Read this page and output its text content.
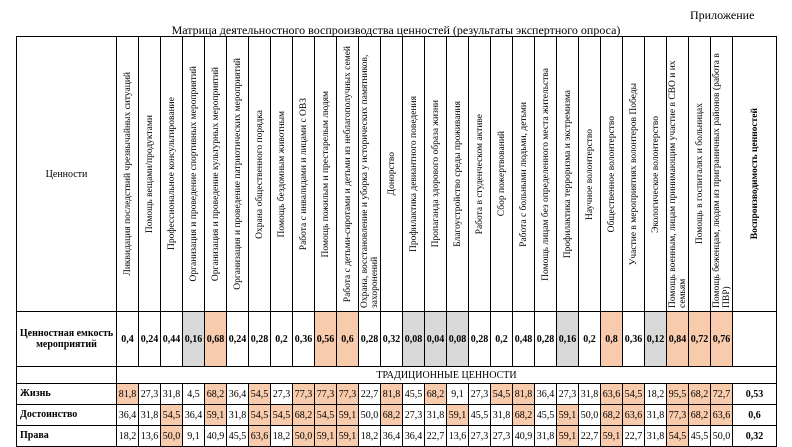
Приложение
Матрица деятельностного воспроизводства ценностей (результаты экспертного опроса)
Ценности	Ликвидация последствий чрезвычайных ситуаций	Помощь вещами/продуктами	Профессиональное консультирование	Организация и проведение спортивных мероприятий	Организация и проведение культурных мероприятий	Организация и проведение патриотических мероприятий	Охрана общественного порядка	Помощь бездомным животным	Работа с инвалидами и лицами с ОВЗ	Помощь пожилым и престарелым людям	Работа с детьми-сиротами и детьми из неблагополучных семей	Охрана, восстановление и уборка у исторических памятников, захоронений	Донорство	Профилактика девиантного поведения	Пропаганда здорового образа жизни	Благоустройство среды проживания	Работа в студенческом активе	Сбор пожертвований	Работа с больными людьми, детьми	Помощь лицам без определенного места жительства	Профилактика терроризма и экстремизма	Научное волонтерство	Общественное волонтерство	Участие в мероприятиях волонтеров Победы	Экологическое волонтерство	Помощь военным, лицам принимающим участие в СВО и их семьям	Помощь в госпиталях и больницах	Помощь беженцам, людям из приграничных районов (работа в ПВР)	Воспроизводимость ценностей

Ценностная емкость мероприятий	0,4	0,24	0,44	0,16	0,68	0,24	0,28	0,2	0,36	0,56	0,6	0,28	0,32	0,08	0,04	0,08	0,28	0,2	0,48	0,28	0,16	0,2	0,8	0,36	0,12	0,84	0,72	0,76	
	ТРАДИЦИОННЫЕ ЦЕННОСТИ																												
Жизнь	81,8	27,3	31,8	4,5	68,2	36,4	54,5	27,3	77,3	77,3	77,3	22,7	81,8	45,5	68,2	9,1	27,3	54,5	81,8	36,4	27,3	31,8	63,6	54,5	18,2	95,5	68,2	72,7	0,53
Достоинство	36,4	31,8	54,5	36,4	59,1	31,8	54,5	54,5	68,2	54,5	59,1	50,0	68,2	27,3	31,8	59,1	45,5	31,8	68,2	45,5	59,1	50,0	68,2	63,6	31,8	77,3	68,2	63,6	0,6
Права	18,2	13,6	50,0	9,1	40,9	45,5	63,6	18,2	50,0	59,1	59,1	18,2	36,4	36,4	22,7	13,6	27,3	27,3	40,9	31,8	59,1	22,7	59,1	22,7	31,8	54,5	45,5	50,0	0,32
